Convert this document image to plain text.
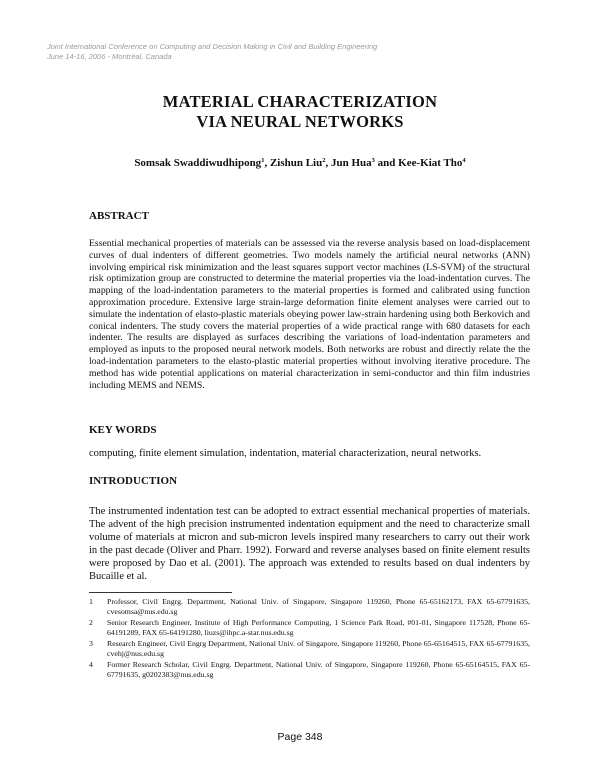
Joint International Conference on Computing and Decision Making in Civil and Building Engineering
June 14-16, 2006 - Montréal, Canada
MATERIAL CHARACTERIZATION
VIA NEURAL NETWORKS
Somsak Swaddiwudhipong$^1$, Zishun Liu$^2$, Jun Hua$^3$ and Kee-Kiat Tho$^4$
ABSTRACT

Essential mechanical properties of materials can be assessed via the reverse analysis based on load-displacement curves of dual indenters of different geometries. Two models namely the artificial neural networks (ANN) involving empirical risk minimization and the least squares support vector machines (LS-SVM) of the structural risk optimization group are constructed to determine the material properties via the load-indentation curves. The mapping of the load-indentation parameters to the material properties is formed and calibrated using function approximation procedure. Extensive large strain-large deformation finite element analyses were carried out to simulate the indentation of elasto-plastic materials obeying power law-strain hardening using both Berkovich and conical indenters. The study covers the material properties of a wide practical range with 680 datasets for each indenter. The results are displayed as surfaces describing the variations of load-indentation parameters and employed as inputs to the proposed neural network models. Both networks are robust and directly relate the the load-indentation parameters to the elasto-plastic material properties without involving iterative procedure. The method has wide potential applications on material characterization in semi-conductor and thin film industries including MEMS and NEMS.

KEY WORDS

computing, finite element simulation, indentation, material characterization, neural networks.

INTRODUCTION

The instrumented indentation test can be adopted to extract essential mechanical properties of materials. The advent of the high precision instrumented indentation equipment and the need to characterize small volume of materials at micron and sub-micron levels inspired many researchers to carry out their work in the past decade (Oliver and Pharr. 1992). Forward and reverse analyses based on finite element results were proposed by Dao et al. (2001). The approach was extended to results based on dual indenters by Bucaille et al.

1 Professor, Civil Engrg. Department, National Univ. of Singapore, Singapore 119260, Phone 65-65162173, FAX 65-67791635, cvesomsa@nus.edu.sg
2 Senior Research Engineer, Institute of High Performance Computing, 1 Science Park Road, #01-01, Singapore 117528, Phone 65-64191289, FAX 65-64191280, liuzs@ihpc.a-star.nus.edu.sg
3 Research Engineer, Civil Engrg Department, National Univ. of Singapore, Singapore 119260, Phone 65-65164515, FAX 65-67791635, cvehj@nus.edu.sg
4 Former Research Scholar, Civil Engrg. Department, National Univ. of Singapore, Singapore 119260, Phone 65-65164515, FAX 65-67791635, g0202383@nus.edu.sg
Page 348
